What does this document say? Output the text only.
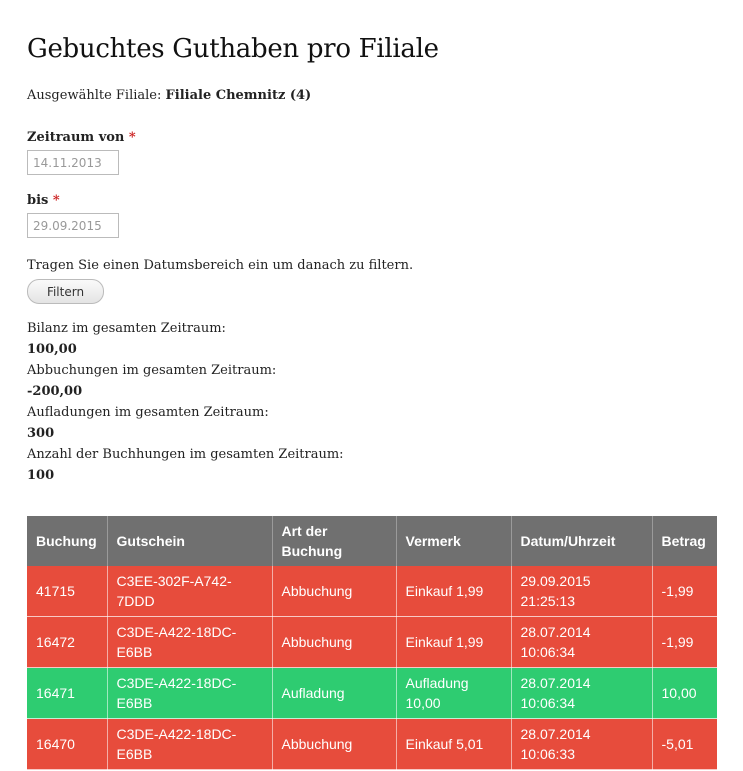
Gebuchtes Guthaben pro Filiale
Ausgewählte Filiale: Filiale Chemnitz (4)
Zeitraum von *
14.11.2013
bis *
29.09.2015
Tragen Sie einen Datumsbereich ein um danach zu filtern.
Filtern
Bilanz im gesamten Zeitraum:
100,00
Abbuchungen im gesamten Zeitraum:
-200,00
Aufladungen im gesamten Zeitraum:
300
Anzahl der Buchhungen im gesamten Zeitraum:
100
Buchung	Gutschein	Art der Buchung	Vermerk	Datum/Uhrzeit	Betrag
41715	C3EE-302F-A742-7DDD	Abbuchung	Einkauf 1,99	29.09.2015 21:25:13	-1,99
16472	C3DE-A422-18DC-E6BB	Abbuchung	Einkauf 1,99	28.07.2014 10:06:34	-1,99
16471	C3DE-A422-18DC-E6BB	Aufladung	Aufladung 10,00	28.07.2014 10:06:34	10,00
16470	C3DE-A422-18DC-E6BB	Abbuchung	Einkauf 5,01	28.07.2014 10:06:33	-5,01
